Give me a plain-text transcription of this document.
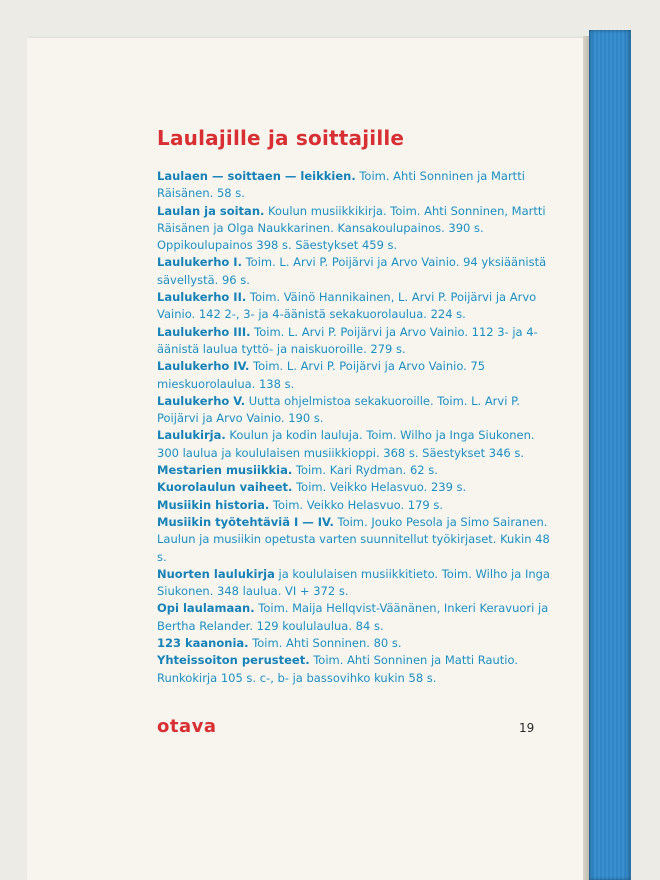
Laulajille ja soittajille
Laulaen — soittaen — leikkien. Toim. Ahti Sonninen ja Martti Räisänen. 58 s.
Laulan ja soitan. Koulun musiikkikirja. Toim. Ahti Sonninen, Martti Räisänen ja Olga Naukkarinen. Kansakoulupainos. 390 s. Oppikoulupainos 398 s. Säestykset 459 s.
Laulukerho I. Toim. L. Arvi P. Poijärvi ja Arvo Vainio. 94 yksiäänistä sävellystä. 96 s.
Laulukerho II. Toim. Väinö Hannikainen, L. Arvi P. Poijärvi ja Arvo Vainio. 142 2-, 3- ja 4-äänistä sekakuorolaulua. 224 s.
Laulukerho III. Toim. L. Arvi P. Poijärvi ja Arvo Vainio. 112 3- ja 4-äänistä laulua tyttö- ja naiskuoroille. 279 s.
Laulukerho IV. Toim. L. Arvi P. Poijärvi ja Arvo Vainio. 75 mieskuorolaulua. 138 s.
Laulukerho V. Uutta ohjelmistoa sekakuoroille. Toim. L. Arvi P. Poijärvi ja Arvo Vainio. 190 s.
Laulukirja. Koulun ja kodin lauluja. Toim. Wilho ja Inga Siukonen. 300 laulua ja koululaisen musiikkioppi. 368 s. Säestykset 346 s.
Mestarien musiikkia. Toim. Kari Rydman. 62 s.
Kuorolaulun vaiheet. Toim. Veikko Helasvuo. 239 s.
Musiikin historia. Toim. Veikko Helasvuo. 179 s.
Musiikin työtehtäviä I — IV. Toim. Jouko Pesola ja Simo Sairanen. Laulun ja musiikin opetusta varten suunnitellut työkirjaset. Kukin 48 s.
Nuorten laulukirja ja koululaisen musiikkitieto. Toim. Wilho ja Inga Siukonen. 348 laulua. VI + 372 s.
Opi laulamaan. Toim. Maija Hellqvist-Väänänen, Inkeri Keravuori ja Bertha Relander. 129 koululaulua. 84 s.
123 kaanonia. Toim. Ahti Sonninen. 80 s.
Yhteissoiton perusteet. Toim. Ahti Sonninen ja Matti Rautio. Runkokirja 105 s. c-, b- ja bassovihko kukin 58 s.

otava	19
